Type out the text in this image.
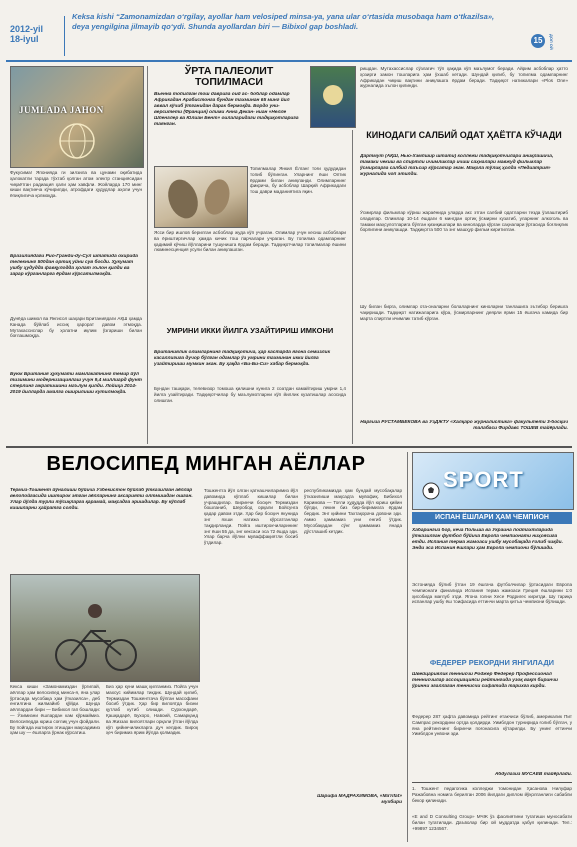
2012-yil
18-iyul
Keksa kishi “Zamonamizdan o‘rgilay, ayollar ham velosiped minsa-ya, yana ular o‘rtasida musobaqa ham o‘tkazilsa», deya yengilgina jilmayib qo‘ydi. Shunda ayollardan biri — Bibixol gap boshladi.
15	ДОЛ ОЙ
JUMLADA JAHON
Фукусима! Японияда ги зилзила ва цунами оқибатида ҳалокатли тарзда тўхтаб қолган атом электр станциясидан чиқаётган радиация ҳали ҳам хавфли. Жойларда 170 минг киши вақтинча кўчирилди, атрофдаги ҳудудлар аҳоли учун ёпиқлигича қолмоқда.
Бразилиядаги Рио-Гранди-ду-Сул штатида охирида телекнинг 500дан ортиқ уйни сув босди. Ҳукумат ушбу ҳудудда фавқулодда ҳолат эълон қилди ва зарар кўрганларга ёрдам кўрсатилмоқда.
Дунёда шимол ва Янгисол шаҳари Британиядаги АҚШ ҳамда Канада бўйлаб иссиқ ҳарорат давом этмоқда. Мутахассислар бу ҳолатни иқлим ўзгариши билан боғлашмоқда.
Буюк Британия ҳукумати мамлакатнинг темир йўл тизимини модернизациялаш учун 9,4 миллиард фунт стерлинг ажратишини маълум қилди. Лойиҳа 2014-2019 йилларда амалга оширилиши кутилмоқда.
ЎРТА ПАЛЕОЛИТ ТОПИЛМАСИ
Вьенна топилган тош даврига оид ас- боблар одамлар Африкадан Арабистонга бундан тахминан 65 минг йил аввал кўчиб ўтганидан дарак бермоқда. Бордо уни- верситети (Франция) олими Анна Декан- ниан «Нелле Шпенглер ва Юлиан Бент» оилаларидаги тадқиқотларига таянган.
Топилмалар Янкил Ёлганг тоғи ҳудудидан топиб бўлинган. Уларнинг ёши Оптик ёрдами билан аниқланди. Олимларнинг фикрича, бу асбоблар Шарқий Африкадаги тош даври маданиятига яқин.
Ясси бир ишлов берилган асбоблар жуда кўп учраган. Олимлар учун кесиш асбоблари ва ёриштиргичлар ҳамда кичик тош парчалари учраган. Бу топилма одамларнинг қадимий кўчиш йўлларини тушунишга ёрдам беради. Тадқиқотчилар топилмалар ёшини люминесценция усули билан аниқлашган.
УМРИНИ ИККИ ЙИЛГА УЗАЙТИРИШ ИМКОНИ
Британиялик олимларнинг тадқиқотича, ҳар кастарда ягона семизлик касаллигига дучор бўлган одамлар ўз умрини тахминан икки йилга узайтириши мумкин экан. Бу ҳақда «Би-Би-Си» хабар бермоқда.
Бундан ташқари, телевизор томоша қилишни кунига 2 соатдан камайтириш умрни 1,4 йилга узайтиради. Тадқиқотчилар бу маълумотларни кўп йиллик кузатишлар асосида олишган.
ришдан. Мутахассислар сўзлагич тўп ҳақида кўп маълумот беради. Айрим асбоблар ҳатто ҳозирги замон тошларига ҳам ўхшаб кетади. Шундай қилиб, бу топилма одамларнинг Африкадан чиқиш вақтини аниқлашга ёрдам беради. Тадқиқот натижалари «Plos One» журналида эълон қилинди.
КИНОДАГИ САЛБИЙ ОДАТ ҲАЁТГА КЎЧАДИ
Дартмут (АҚШ, Нью-Хэмпшир штати) коллежи тадқиқотчилари аниқлашича, тамаки чекиш ва спиртли ичимликлар ичиш саҳналари мавжуд фильмлар ўсмирларга салбий таъсир кўрсатар экан. Мақола тўлиқ ҳолда «Педиатрия» журналида чоп этилди.
Ўсмирлар фильмлар кўриш жараёнида уларда акс этган салбий одатларни тезда ўзлаштириб оладилар. Олимлар 10-14 ёшдаги 6 мингдан ортиқ ўсмирни кузатиб, уларнинг алкоголь ва тамаки маҳсулотларига бўлган қизиқишлари ва киноларда кўрган саҳналари ўртасида боғлиқлик борлигини аниқлашди. Тадқиқотга 500 та энг машҳур фильм киритилган.
Шу билан бирга, олимлар ота-оналарни болаларнинг киноларни танлашига эътибор беришга чақиришди. Тадқиқот натижаларига кўра, ўсмирларнинг деярли ярми 15 ёшгача камида бир марта спиртли ичимлик татиб кўрган.
Наргиза РУСТАМБЕКОВА ва ЎзДЖТУ «Халқаро журналистика» факультети 3-босқич талабаси Фирдавс ТОШЕВ тайёрлади.
ВЕЛОСИПЕД МИНГАН АЁЛЛАР
Термиз-Тошкент йўналиши бўйича Ўзбекистон бўйлаб ўтказилган аёллар велопойгасида иштирок этган аёлларнинг аксарияти олтмишдан ошган. Улар йўлда турли тўсиқларга қарамай, мақсадга эришдилар. Бу кўплаб кишиларни ҳайратга солди.
Кекса киши «Замонамиздан ўргилай, аёллар ҳам велосипед минса-я, яна улар ўртасида мусобақа ҳам ўтказилса», деб енгилгина жилмайиб қўйди. Шунда аёллардан бири — Бибихол гап бошлади: — Ўзимизни ёшлардан кам кўрмаймиз. Велосипедда юриш соғлиқ учун фойдали. Бу пойгада иштирок этишдан мақсадимиз ҳам шу — ёшларга ўрнак кўрсатиш.
Биз ҳар куни машқ қилганмиз. Пойга учун махсус кийимлар тикдик. Шундай қилиб, Термиздан Тошкентгача бўлган масофани босиб ўтдик. Ҳар бир вилоятда бизни қутлаб кутиб олишди. Сурхондарё, Қашқадарё, Бухоро, Навоий, Самарқанд ва Жиззах вилоятлари орқали ўтган йўлда кўп қийинчиликларга дуч келдик. Бироқ ҳеч биримиз ярим йўлда қолмадик.
Тошкентга йўл олган қатнашчиларимиз йўл давомида кўплаб кишилар билан учрашдилар. Биринчи босқич Термиздан бошланиб, Шеробод орқали Бойсунга қадар давом этди. Ҳар бир босқич якунида энг яхши натижа кўрсатганлар тақдирланди. Пойга иштирокчиларининг энг ёши 55 да, энг кексаси эса 72 ёшда эди. Улар барча йўлни муваффақиятли босиб ўтдилар.
республикамизда ҳам бундай мусобақалар ўтказилиши мақсадга мувофиқ. Бибихол Каримова — Тоғли ҳудудда йўл юриш қийин бўлди, лекин биз бир-биримизга ёрдам бердик. Энг қийини Тахтақорача довони эди. Аммо ҳаммамиз уни енгиб ўтдик. Мусобақадан сўнг ҳаммамиз янада дўстлашиб кетдик.
Шарифа МАДРАХИМОВА, «Ma'rifat» мухбири
SPORT
ИСПАН ЁШЛАРИ ҲАМ ЧЕМПИОН
Хабарингиз бор, кеча Польша ва Украина пойтахтларида ўтказилган футбол бўйича Европа чемпионати ниҳоясига етди. Испания терма жамоаси ушбу мусобақада ғолиб чиқди. Энди эса Испания ёшлари ҳам Европа чемпиони бўлишди.
Эстонияда бўлиб ўтган 19 ёшгача футболчилар ўртасидаги Европа чемпионати финалида Испания терма жамоаси Греция ёшларини 1:0 ҳисобида мағлуб этди. Ягона голни Хесе Родригес киритди. Шу тариқа испанлар ушбу ёш тоифасида еттинчи марта қитъа чемпиони бўлишди.
ФЕДЕРЕР РЕКОРДНИ ЯНГИЛАДИ
Швейцариялик теннисчи Роджер Федерер Профессионал теннисчилар ассоциацияси рейтингида узоқ вақт биринчи ўринни эгаллаган теннисчи сифатида тарихга кирди.
Федерер 287 ҳафта давомида рейтинг етакчиси бўлиб, америкалик Пит Сампрас рекордини ортда қолдирди. Уимблдон турнирида ғолиб бўлгач, у яна рейтингнинг биринчи поғонасига кўтарилди. Бу унинг еттинчи Уимблдон унвони эди.
Абдулазиз МУСАЕВ тайёрлади.
1. Тошкент педагогика колледжи томонидан Ҳасанова Нилуфар Ражабовна номига берилган 2006 йилдаги диплом йўқолганлиги сабабли бекор қилинади.
«E and D Consulting Group» МЧЖ ўз фаолиятини тугатиши муносабати билан тугатилади. Даъволар бир ой муддатда қабул қилинади. Тел.: +99897 1234567.
